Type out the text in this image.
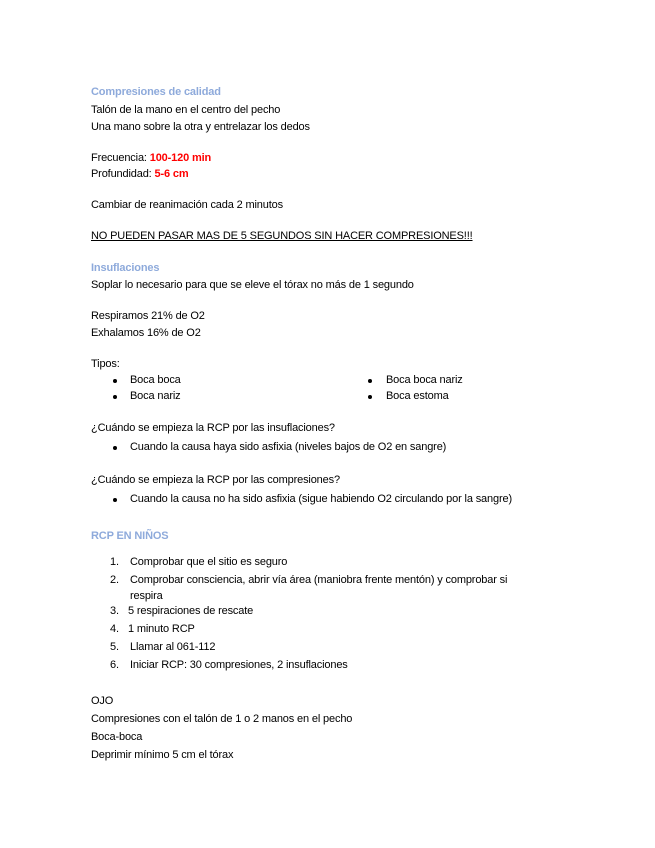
Compresiones de calidad
Talón de la mano en el centro del pecho
Una mano sobre la otra y entrelazar los dedos
Frecuencia: 100-120 min
Profundidad: 5-6 cm
Cambiar de reanimación cada 2 minutos
NO PUEDEN PASAR MAS DE 5 SEGUNDOS SIN HACER COMPRESIONES!!!
Insuflaciones
Soplar lo necesario para que se eleve el tórax no más de 1 segundo
Respiramos 21% de O2
Exhalamos 16% de O2
Tipos:
Boca boca
Boca nariz
Boca boca nariz
Boca estoma
¿Cuándo se empieza la RCP por las insuflaciones?
Cuando la causa haya sido asfixia (niveles bajos de O2 en sangre)
¿Cuándo se empieza la RCP por las compresiones?
Cuando la causa no ha sido asfixia (sigue habiendo O2 circulando por la sangre)
RCP EN NIÑOS
1. Comprobar que el sitio es seguro
2. Comprobar consciencia, abrir vía área (maniobra frente mentón) y comprobar si
respira
3. 5 respiraciones de rescate
4. 1 minuto RCP
5. Llamar al 061-112
6. Iniciar RCP: 30 compresiones, 2 insuflaciones
OJO
Compresiones con el talón de 1 o 2 manos en el pecho
Boca-boca
Deprimir mínimo 5 cm el tórax
